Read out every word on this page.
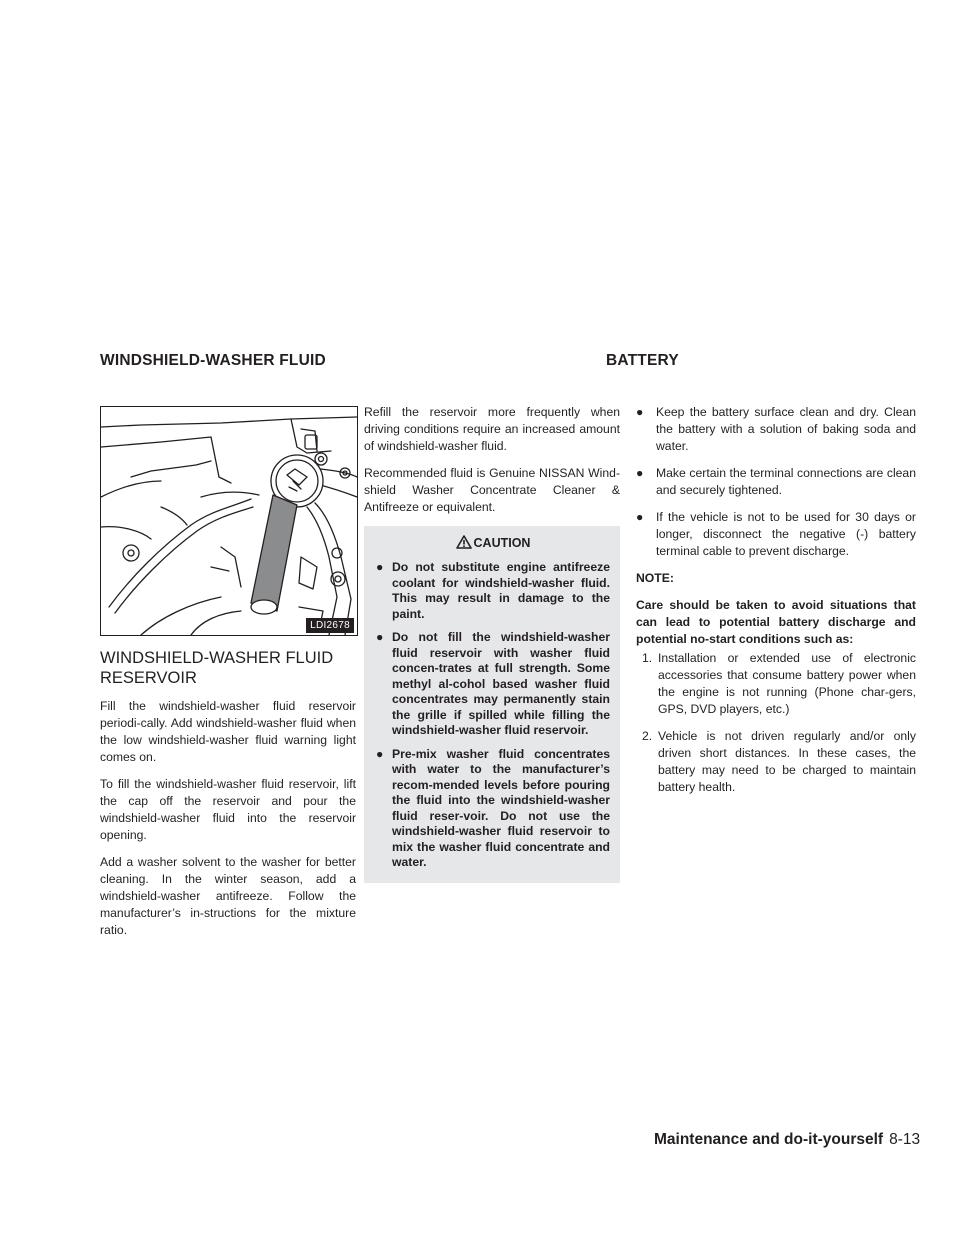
WINDSHIELD-WASHER FLUID	BATTERY
LDI2678
WINDSHIELD-WASHER FLUID RESERVOIR

Fill the windshield-washer fluid reservoir periodi-cally. Add windshield-washer fluid when the low windshield-washer fluid warning light comes on.

To fill the windshield-washer fluid reservoir, lift the cap off the reservoir and pour the windshield-washer fluid into the reservoir opening.

Add a washer solvent to the washer for better cleaning. In the winter season, add a windshield-washer antifreeze. Follow the manufacturer’s in-structions for the mixture ratio.

Refill the reservoir more frequently when driving conditions require an increased amount of windshield-washer fluid.

Recommended fluid is Genuine NISSAN Wind-shield Washer Concentrate Cleaner & Antifreeze or equivalent.

CAUTION
● Do not substitute engine antifreeze coolant for windshield-washer fluid. This may result in damage to the paint.
● Do not fill the windshield-washer fluid reservoir with washer fluid concen-trates at full strength. Some methyl al-cohol based washer fluid concentrates may permanently stain the grille if spilled while filling the windshield-washer fluid reservoir.
● Pre-mix washer fluid concentrates with water to the manufacturer’s recom-mended levels before pouring the fluid into the windshield-washer fluid reser-voir. Do not use the windshield-washer fluid reservoir to mix the washer fluid concentrate and water.
● Keep the battery surface clean and dry. Clean the battery with a solution of baking soda and water.
● Make certain the terminal connections are clean and securely tightened.
● If the vehicle is not to be used for 30 days or longer, disconnect the negative (-) battery terminal cable to prevent discharge.
NOTE:
Care should be taken to avoid situations that can lead to potential battery discharge and potential no-start conditions such as:
1. Installation or extended use of electronic accessories that consume battery power when the engine is not running (Phone char-gers, GPS, DVD players, etc.)
2. Vehicle is not driven regularly and/or only driven short distances. In these cases, the battery may need to be charged to maintain battery health.
Maintenance and do-it-yourself 8-13
